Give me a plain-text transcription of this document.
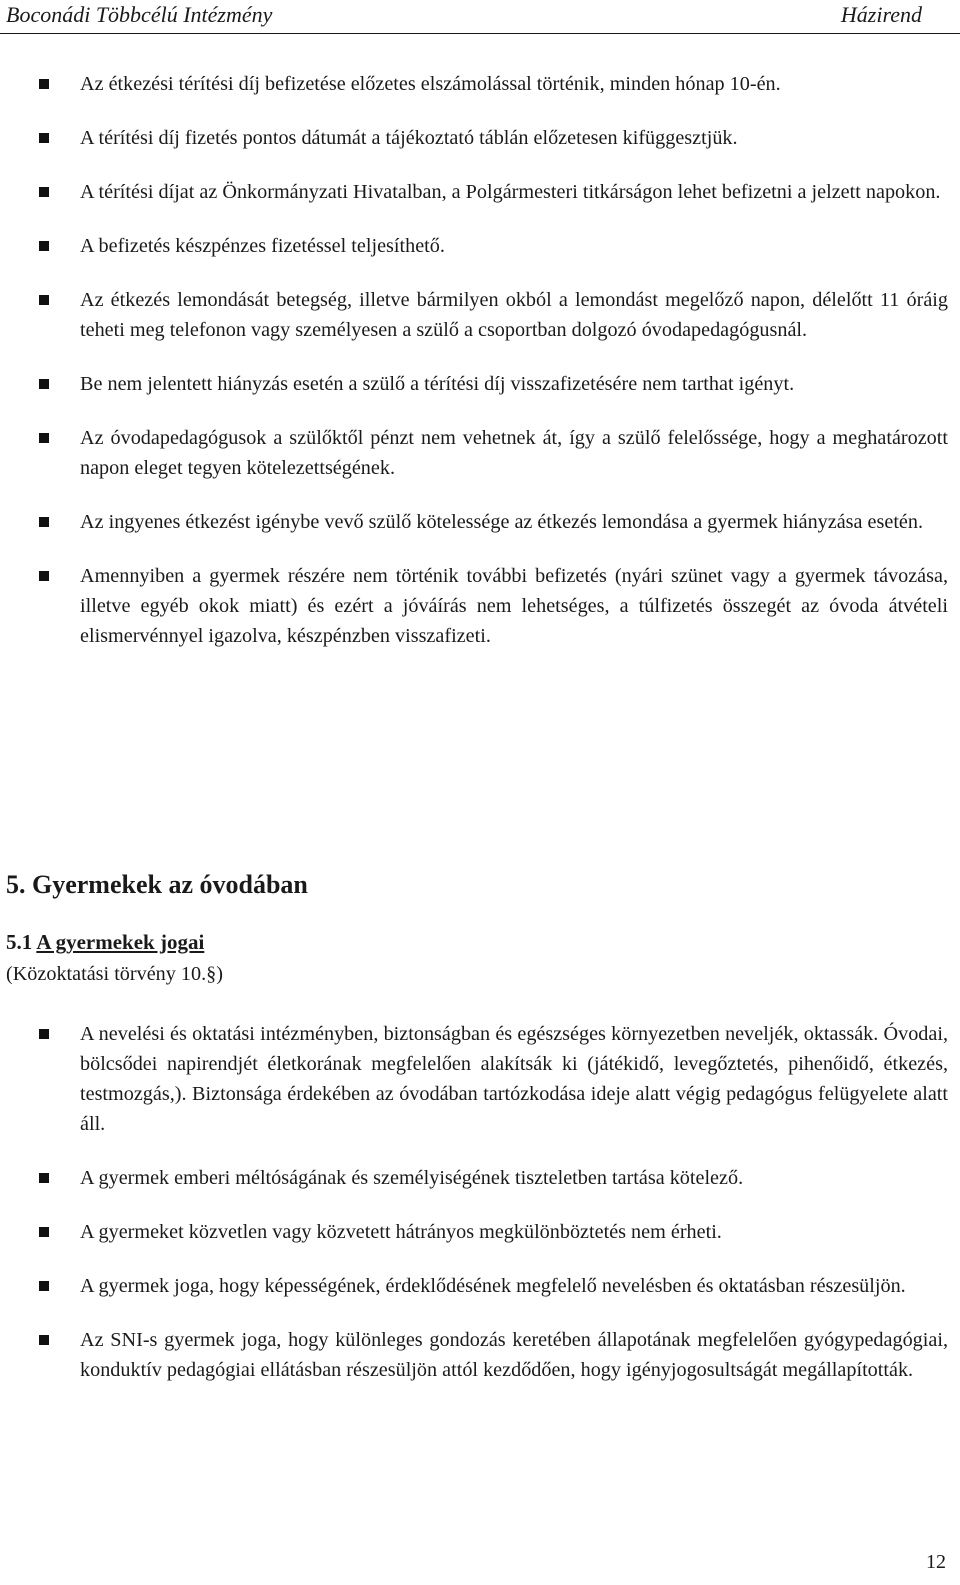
Boconádi Többcélú Intézmény	Házirend
Az étkezési térítési díj befizetése előzetes elszámolással történik, minden hónap 10-én.
A térítési díj fizetés pontos dátumát a tájékoztató táblán előzetesen kifüggesztjük.
A térítési díjat az Önkormányzati Hivatalban, a Polgármesteri titkárságon lehet befizetni a jelzett napokon.
A befizetés készpénzes fizetéssel teljesíthető.
Az étkezés lemondását betegség, illetve bármilyen okból a lemondást megelőző napon, délelőtt 11 óráig teheti meg telefonon vagy személyesen a szülő a csoportban dolgozó óvodapedagógusnál.
Be nem jelentett hiányzás esetén a szülő a térítési díj visszafizetésére nem tarthat igényt.
Az óvodapedagógusok a szülőktől pénzt nem vehetnek át, így a szülő felelőssége, hogy a meghatározott napon eleget tegyen kötelezettségének.
Az ingyenes étkezést igénybe vevő szülő kötelessége az étkezés lemondása a gyermek hiányzása esetén.
Amennyiben a gyermek részére nem történik további befizetés (nyári szünet vagy a gyermek távozása, illetve egyéb okok miatt) és ezért a jóváírás nem lehetséges, a túlfizetés összegét az óvoda átvételi elismervénnyel igazolva, készpénzben visszafizeti.
5. Gyermekek az óvodában
5.1 A gyermekek jogai

(Közoktatási törvény 10.§)

A nevelési és oktatási intézményben, biztonságban és egészséges környezetben neveljék, oktassák. Óvodai, bölcsődei napirendjét életkorának megfelelően alakítsák ki (játékidő, levegőztetés, pihenőidő, étkezés, testmozgás,). Biztonsága érdekében az óvodában tartózkodása ideje alatt végig pedagógus felügyelete alatt áll.
A gyermek emberi méltóságának és személyiségének tiszteletben tartása kötelező.
A gyermeket közvetlen vagy közvetett hátrányos megkülönböztetés nem érheti.
A gyermek joga, hogy képességének, érdeklődésének megfelelő nevelésben és oktatásban részesüljön.
Az SNI-s gyermek joga, hogy különleges gondozás keretében állapotának megfelelően gyógypedagógiai, konduktív pedagógiai ellátásban részesüljön attól kezdődően, hogy igényjogosultságát megállapították.
12
